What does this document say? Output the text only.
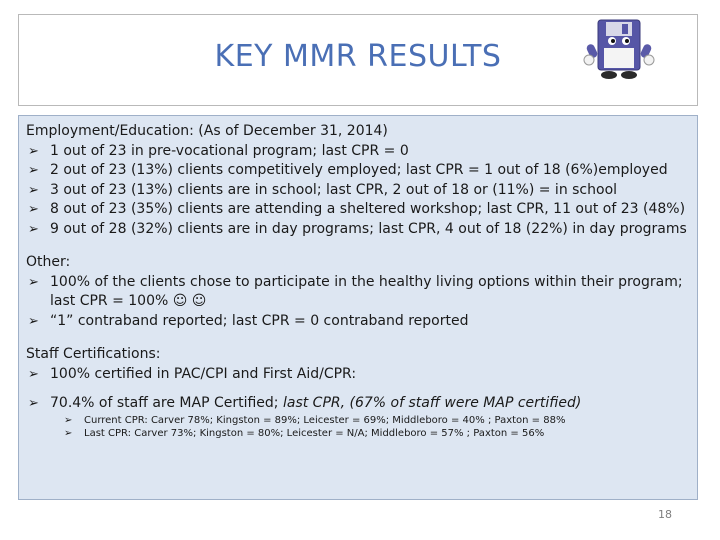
KEY MMR RESULTS
Employment/Education: (As of December 31, 2014)
➢ 1 out of 23 in pre-vocational program; last CPR = 0
➢ 2 out of 23 (13%) clients competitively employed; last CPR = 1 out of 18 (6%)employed
➢ 3 out of 23 (13%) clients are in school; last CPR, 2 out of 18 or (11%) = in school
➢ 8 out of 23 (35%) clients are attending a sheltered workshop; last CPR, 11 out of 23 (48%)
➢ 9 out of 28 (32%) clients are in day programs; last CPR, 4 out of 18 (22%) in day programs
Other:
➢ 100% of the clients chose to participate in the healthy living options within their program; last CPR = 100% ☺ ☺
➢ “1” contraband reported; last CPR = 0 contraband reported
Staff Certifications:
➢ 100% certified in PAC/CPI and First Aid/CPR:
➢ 70.4% of staff are MAP Certified; last CPR, (67% of staff were MAP certified)
➢ Current CPR: Carver 78%; Kingston = 89%; Leicester = 69%; Middleboro = 40% ; Paxton = 88%
➢ Last CPR: Carver 73%; Kingston = 80%; Leicester = N/A; Middleboro = 57% ; Paxton = 56%
18
